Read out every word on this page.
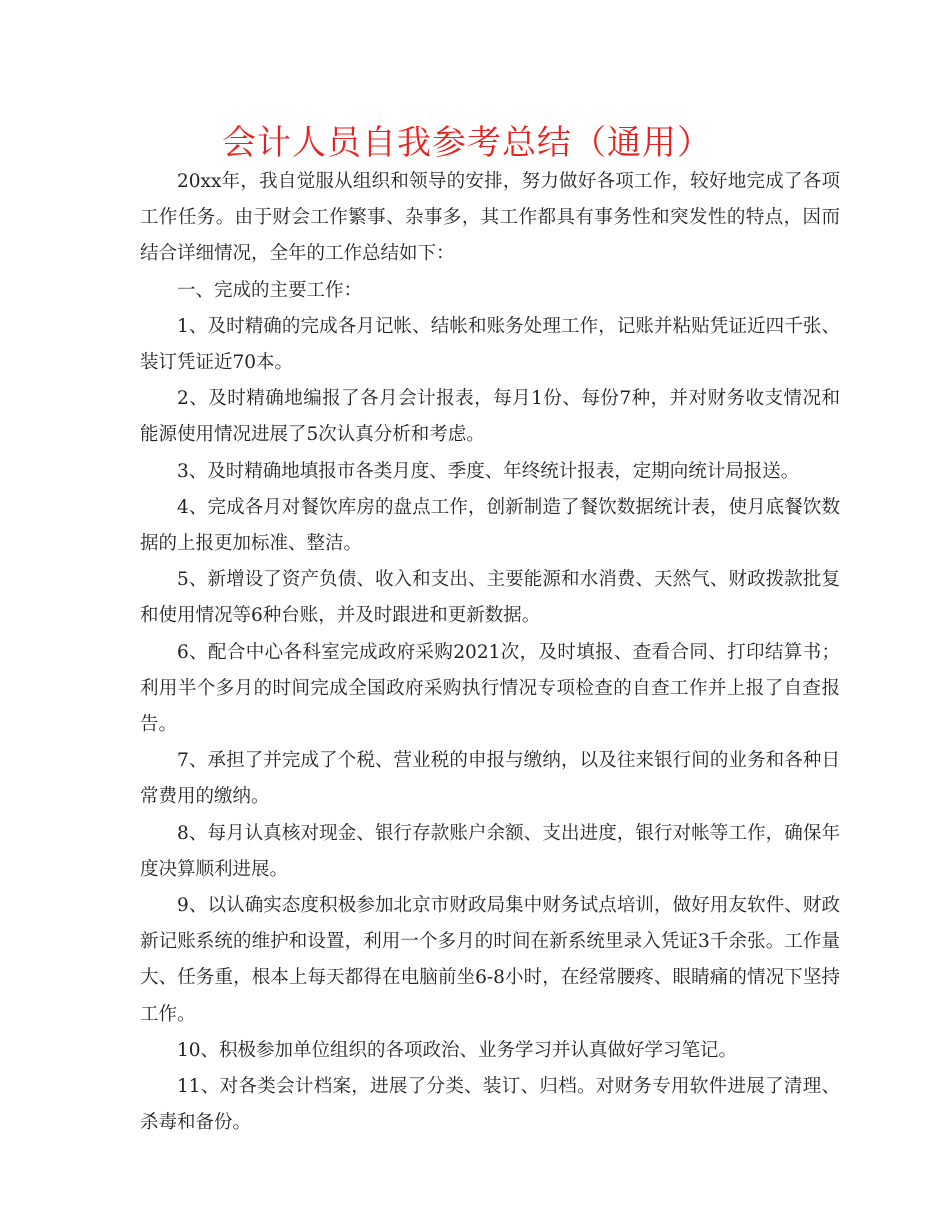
会计人员自我参考总结（通用）

20xx年，我自觉服从组织和领导的安排，努力做好各项工作，较好地完成了各项工作任务。由于财会工作繁事、杂事多，其工作都具有事务性和突发性的特点，因而结合详细情况，全年的工作总结如下：

一、完成的主要工作：

1、及时精确的完成各月记帐、结帐和账务处理工作，记账并粘贴凭证近四千张、装订凭证近70本。

2、及时精确地编报了各月会计报表，每月1份、每份7种，并对财务收支情况和能源使用情况进展了5次认真分析和考虑。

3、及时精确地填报市各类月度、季度、年终统计报表，定期向统计局报送。

4、完成各月对餐饮库房的盘点工作，创新制造了餐饮数据统计表，使月底餐饮数据的上报更加标准、整洁。

5、新增设了资产负债、收入和支出、主要能源和水消费、天然气、财政拨款批复和使用情况等6种台账，并及时跟进和更新数据。

6、配合中心各科室完成政府采购2021次，及时填报、查看合同、打印结算书；利用半个多月的时间完成全国政府采购执行情况专项检查的自查工作并上报了自查报告。

7、承担了并完成了个税、营业税的申报与缴纳，以及往来银行间的业务和各种日常费用的缴纳。

8、每月认真核对现金、银行存款账户余额、支出进度，银行对帐等工作，确保年度决算顺利进展。

9、以认确实态度积极参加北京市财政局集中财务试点培训，做好用友软件、财政新记账系统的维护和设置，利用一个多月的时间在新系统里录入凭证3千余张。工作量大、任务重，根本上每天都得在电脑前坐6-8小时，在经常腰疼、眼睛痛的情况下坚持工作。

10、积极参加单位组织的各项政治、业务学习并认真做好学习笔记。

11、对各类会计档案，进展了分类、装订、归档。对财务专用软件进展了清理、杀毒和备份。
